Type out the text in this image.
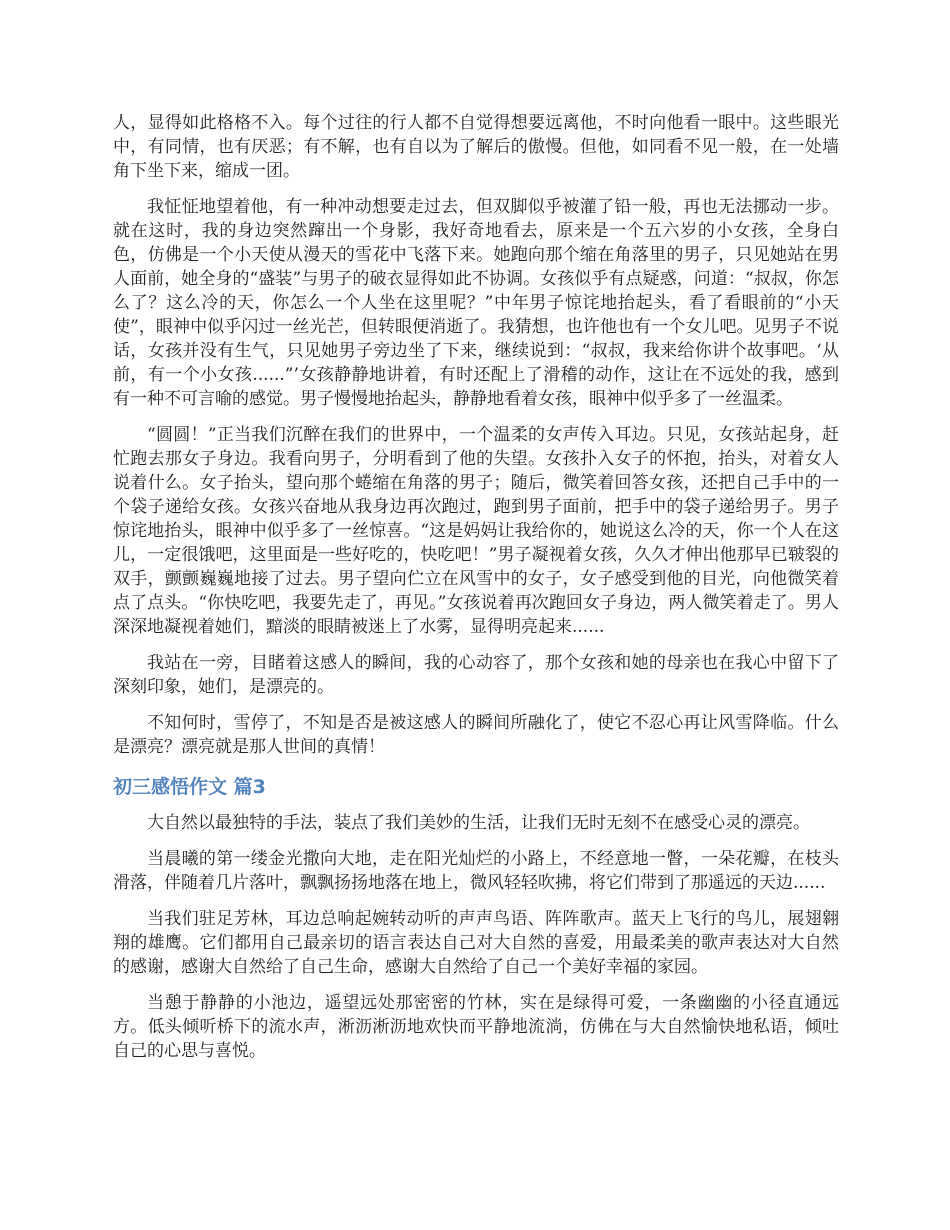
人，显得如此格格不入。每个过往的行人都不自觉得想要远离他，不时向他看一眼中。这些眼光中，有同情，也有厌恶；有不解，也有自以为了解后的傲慢。但他，如同看不见一般，在一处墙角下坐下来，缩成一团。

我怔怔地望着他，有一种冲动想要走过去，但双脚似乎被灌了铅一般，再也无法挪动一步。就在这时，我的身边突然蹿出一个身影，我好奇地看去，原来是一个五六岁的小女孩，全身白色，仿佛是一个小天使从漫天的雪花中飞落下来。她跑向那个缩在角落里的男子，只见她站在男人面前，她全身的“盛装”与男子的破衣显得如此不协调。女孩似乎有点疑惑，问道：“叔叔，你怎么了？这么冷的天，你怎么一个人坐在这里呢？”中年男子惊诧地抬起头，看了看眼前的“小天使”，眼神中似乎闪过一丝光芒，但转眼便消逝了。我猜想，也许他也有一个女儿吧。见男子不说话，女孩并没有生气，只见她男子旁边坐了下来，继续说到：“叔叔，我来给你讲个故事吧。‘从前，有一个小女孩......”’女孩静静地讲着，有时还配上了滑稽的动作，这让在不远处的我，感到有一种不可言喻的感觉。男子慢慢地抬起头，静静地看着女孩，眼神中似乎多了一丝温柔。

“圆圆！”正当我们沉醉在我们的世界中，一个温柔的女声传入耳边。只见，女孩站起身，赶忙跑去那女子身边。我看向男子，分明看到了他的失望。女孩扑入女子的怀抱，抬头，对着女人说着什么。女子抬头，望向那个蜷缩在角落的男子；随后，微笑着回答女孩，还把自己手中的一个袋子递给女孩。女孩兴奋地从我身边再次跑过，跑到男子面前，把手中的袋子递给男子。男子惊诧地抬头，眼神中似乎多了一丝惊喜。“这是妈妈让我给你的，她说这么冷的天，你一个人在这儿，一定很饿吧，这里面是一些好吃的，快吃吧！”男子凝视着女孩，久久才伸出他那早已皲裂的双手，颤颤巍巍地接了过去。男子望向伫立在风雪中的女子，女子感受到他的目光，向他微笑着点了点头。“你快吃吧，我要先走了，再见。”女孩说着再次跑回女子身边，两人微笑着走了。男人深深地凝视着她们，黯淡的眼睛被迷上了水雾，显得明亮起来......

我站在一旁，目睹着这感人的瞬间，我的心动容了，那个女孩和她的母亲也在我心中留下了深刻印象，她们，是漂亮的。

不知何时，雪停了，不知是否是被这感人的瞬间所融化了，使它不忍心再让风雪降临。什么是漂亮？漂亮就是那人世间的真情！

初三感悟作文 篇3

大自然以最独特的手法，装点了我们美妙的生活，让我们无时无刻不在感受心灵的漂亮。

当晨曦的第一缕金光撒向大地，走在阳光灿烂的小路上，不经意地一瞥，一朵花瓣，在枝头滑落，伴随着几片落叶，飘飘扬扬地落在地上，微风轻轻吹拂，将它们带到了那遥远的天边......

当我们驻足芳林，耳边总响起婉转动听的声声鸟语、阵阵歌声。蓝天上飞行的鸟儿，展翅翱翔的雄鹰。它们都用自己最亲切的语言表达自己对大自然的喜爱，用最柔美的歌声表达对大自然的感谢，感谢大自然给了自己生命，感谢大自然给了自己一个美好幸福的家园。

当憩于静静的小池边，遥望远处那密密的竹林，实在是绿得可爱，一条幽幽的小径直通远方。低头倾听桥下的流水声，淅沥淅沥地欢快而平静地流淌，仿佛在与大自然愉快地私语，倾吐自己的心思与喜悦。
